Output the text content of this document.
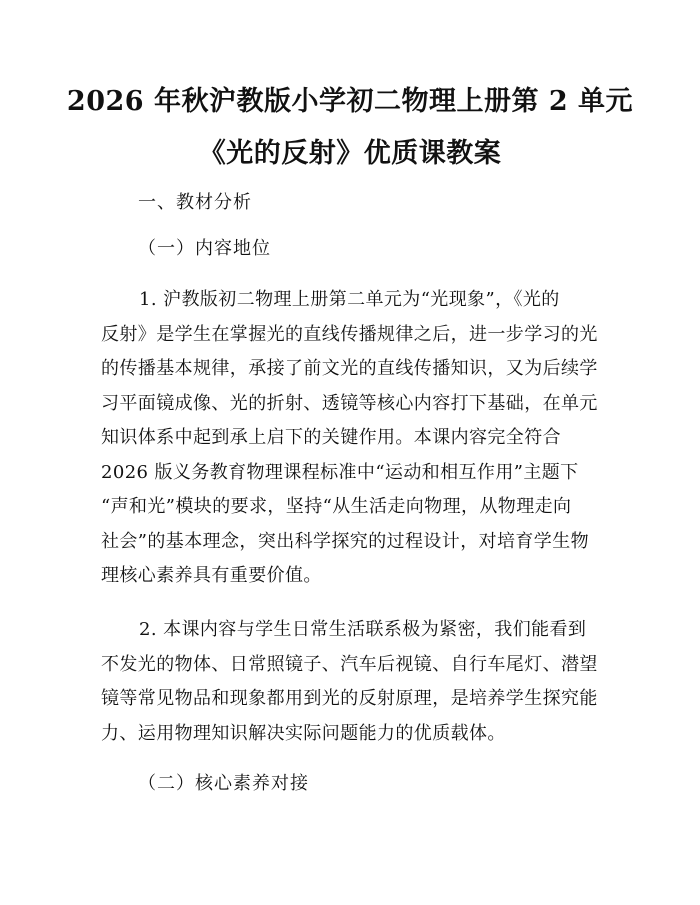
2026 年秋沪教版小学初二物理上册第 2 单元
《光的反射》优质课教案
一、教材分析
（一）内容地位
1. 沪教版初二物理上册第二单元为“光现象”，《光的
反射》是学生在掌握光的直线传播规律之后，进一步学习的光
的传播基本规律，承接了前文光的直线传播知识，又为后续学
习平面镜成像、光的折射、透镜等核心内容打下基础，在单元
知识体系中起到承上启下的关键作用。本课内容完全符合
2026 版义务教育物理课程标准中“运动和相互作用”主题下
“声和光”模块的要求，坚持“从生活走向物理，从物理走向
社会”的基本理念，突出科学探究的过程设计，对培育学生物
理核心素养具有重要价值。
2. 本课内容与学生日常生活联系极为紧密，我们能看到
不发光的物体、日常照镜子、汽车后视镜、自行车尾灯、潜望
镜等常见物品和现象都用到光的反射原理，是培养学生探究能
力、运用物理知识解决实际问题能力的优质载体。
（二）核心素养对接
